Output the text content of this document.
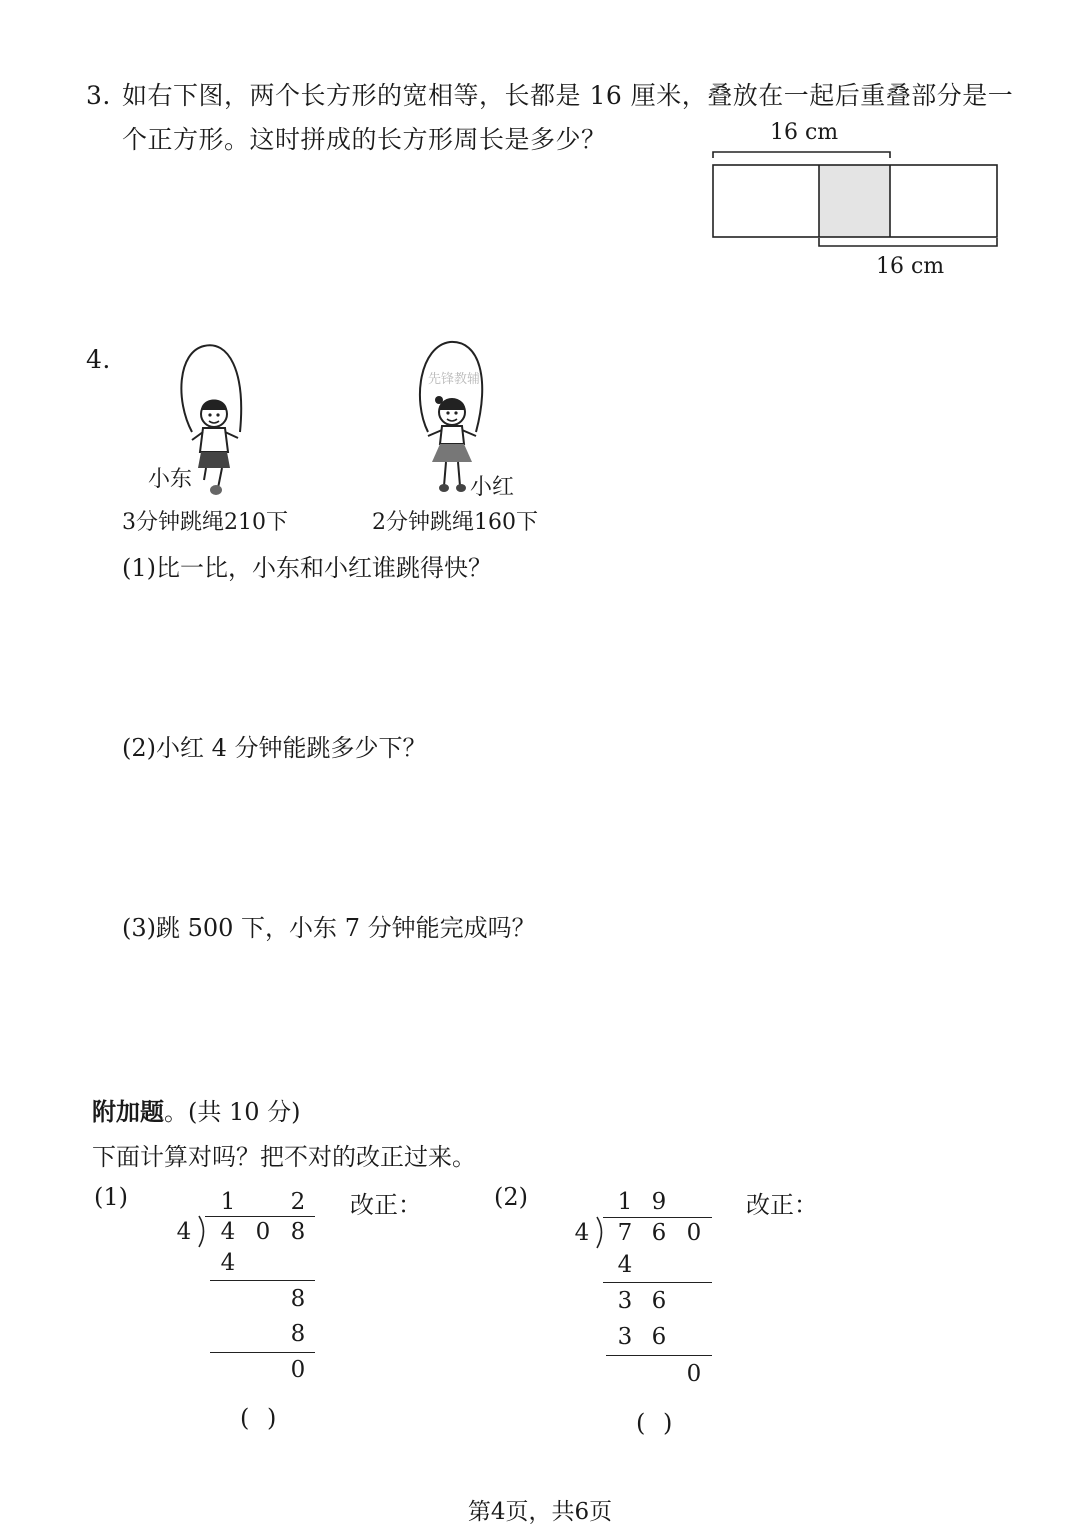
3. 如右下图，两个长方形的宽相等，长都是 16 厘米，叠放在一起后重叠部分是一
个正方形。这时拼成的长方形周长是多少？	16 cm
16 cm
4.
小东
3分钟跳绳210下
先锋教辅
小红
2分钟跳绳160下
(1)比一比，小东和小红谁跳得快？
(2)小红 4 分钟能跳多少下？
(3)跳 500 下，小东 7 分钟能完成吗？
附加题。(共 10 分)
下面计算对吗？把不对的改正过来。
(1)	1 2
4 4 0 8
4
8
8
0
改正：
( )
(2)	1 9
4 7 6 0
4
3 6
3 6
0
改正：
( )
第4页，共6页
